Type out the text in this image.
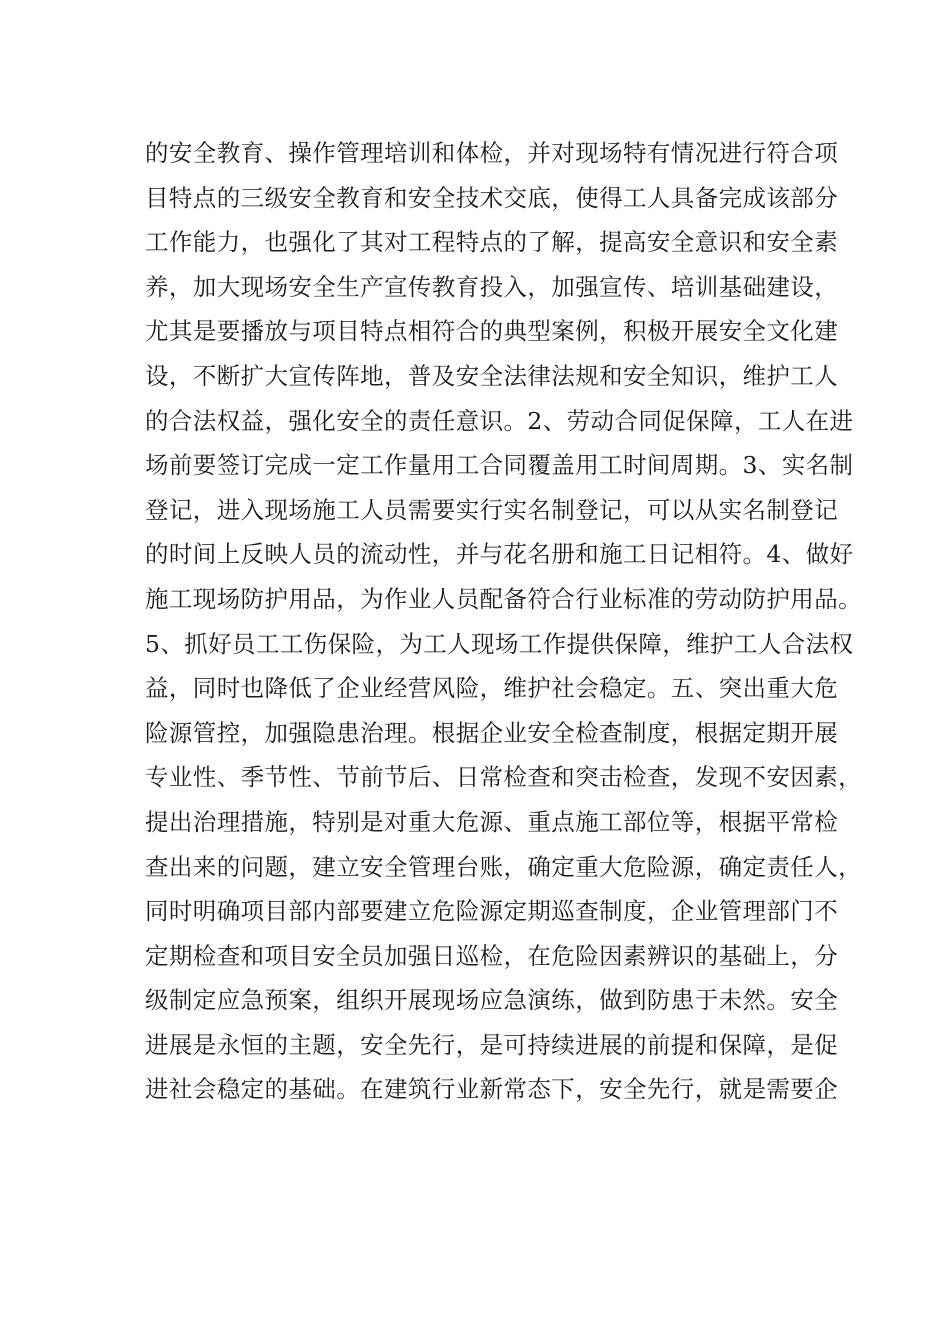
的安全教育、操作管理培训和体检，并对现场特有情况进行符合项
目特点的三级安全教育和安全技术交底，使得工人具备完成该部分
工作能力，也强化了其对工程特点的了解，提高安全意识和安全素
养，加大现场安全生产宣传教育投入，加强宣传、培训基础建设，
尤其是要播放与项目特点相符合的典型案例，积极开展安全文化建
设，不断扩大宣传阵地，普及安全法律法规和安全知识，维护工人
的合法权益，强化安全的责任意识。2、劳动合同促保障，工人在进
场前要签订完成一定工作量用工合同覆盖用工时间周期。3、实名制
登记，进入现场施工人员需要实行实名制登记，可以从实名制登记
的时间上反映人员的流动性，并与花名册和施工日记相符。4、做好
施工现场防护用品，为作业人员配备符合行业标准的劳动防护用品。
5、抓好员工工伤保险，为工人现场工作提供保障，维护工人合法权
益，同时也降低了企业经营风险，维护社会稳定。五、突出重大危
险源管控，加强隐患治理。根据企业安全检查制度，根据定期开展
专业性、季节性、节前节后、日常检查和突击检查，发现不安因素，
提出治理措施，特别是对重大危源、重点施工部位等，根据平常检
查出来的问题，建立安全管理台账，确定重大危险源，确定责任人，
同时明确项目部内部要建立危险源定期巡查制度，企业管理部门不
定期检查和项目安全员加强日巡检，在危险因素辨识的基础上，分
级制定应急预案，组织开展现场应急演练，做到防患于未然。安全
进展是永恒的主题，安全先行，是可持续进展的前提和保障，是促
进社会稳定的基础。在建筑行业新常态下，安全先行，就是需要企
